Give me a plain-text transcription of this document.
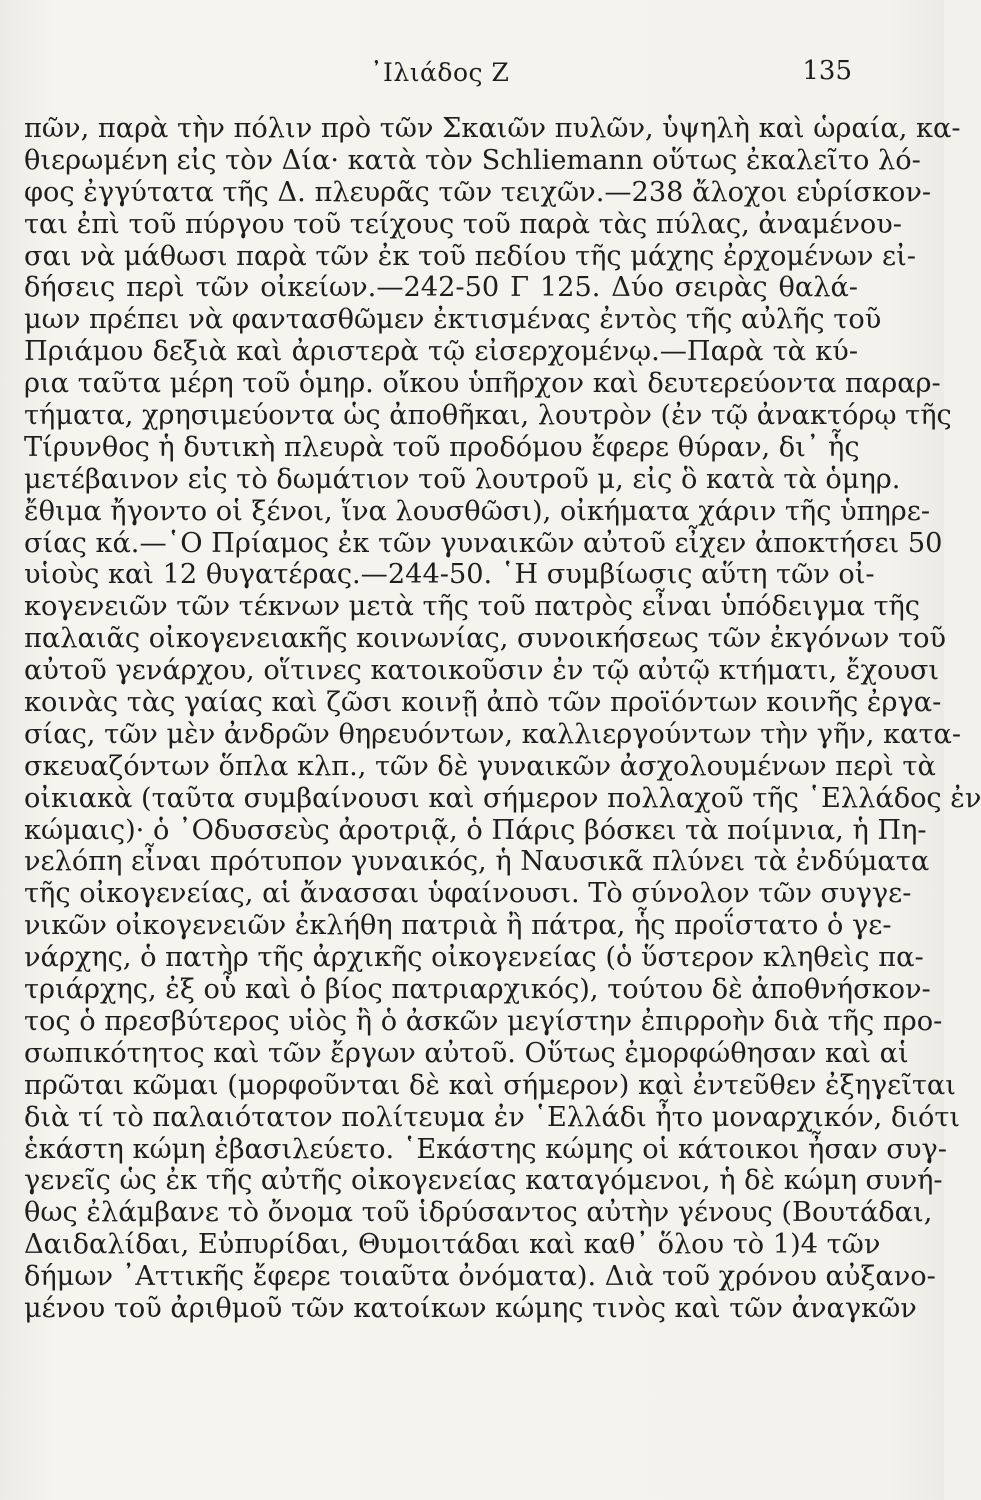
᾿Ιλιάδος Ζ	135
πῶν, παρὰ τὴν πόλιν πρὸ τῶν Σκαιῶν πυλῶν, ὑψηλὴ καὶ ὡραία, κα-
θιερωμένη εἰς τὸν Δία· κατὰ τὸν Schliemann οὕτως ἐκαλεῖτο λό-
φος ἐγγύτατα τῆς Δ. πλευρᾶς τῶν τειχῶν.—238 ἄλοχοι εὑρίσκον-
ται ἐπὶ τοῦ πύργου τοῦ τείχους τοῦ παρὰ τὰς πύλας, ἀναμένου-
σαι νὰ μάθωσι παρὰ τῶν ἐκ τοῦ πεδίου τῆς μάχης ἐρχομένων εἰ-
δήσεις περὶ τῶν οἰκείων.—242-50 Γ 125. Δύο σειρὰς θαλά-
μων πρέπει νὰ φαντασθῶμεν ἐκτισμένας ἐντὸς τῆς αὐλῆς τοῦ
Πριάμου δεξιὰ καὶ ἀριστερὰ τῷ εἰσερχομένῳ.—Παρὰ τὰ κύ-
ρια ταῦτα μέρη τοῦ ὁμηρ. οἴκου ὑπῆρχον καὶ δευτερεύοντα παραρ-
τήματα, χρησιμεύοντα ὡς ἀποθῆκαι, λουτρὸν (ἐν τῷ ἀνακτόρῳ τῆς
Τίρυνθος ἡ δυτικὴ πλευρὰ τοῦ προδόμου ἔφερε θύραν, δι᾿ ἧς
μετέβαινον εἰς τὸ δωμάτιον τοῦ λουτροῦ μ, εἰς ὃ κατὰ τὰ ὁμηρ.
ἔθιμα ἤγοντο οἱ ξένοι, ἵνα λουσθῶσι), οἰκήματα χάριν τῆς ὑπηρε-
σίας κά.—῾Ο Πρίαμος ἐκ τῶν γυναικῶν αὐτοῦ εἶχεν ἀποκτήσει 50
υἱοὺς καὶ 12 θυγατέρας.—244-50. ῾Η συμβίωσις αὕτη τῶν οἰ-
κογενειῶν τῶν τέκνων μετὰ τῆς τοῦ πατρὸς εἶναι ὑπόδειγμα τῆς
παλαιᾶς οἰκογενειακῆς κοινωνίας, συνοικήσεως τῶν ἐκγόνων τοῦ
αὐτοῦ γενάρχου, οἵτινες κατοικοῦσιν ἐν τῷ αὐτῷ κτήματι, ἔχουσι
κοινὰς τὰς γαίας καὶ ζῶσι κοινῇ ἀπὸ τῶν προϊόντων κοινῆς ἐργα-
σίας, τῶν μὲν ἀνδρῶν θηρευόντων, καλλιεργούντων τὴν γῆν, κατα-
σκευαζόντων ὅπλα κλπ., τῶν δὲ γυναικῶν ἀσχολουμένων περὶ τὰ
οἰκιακὰ (ταῦτα συμβαίνουσι καὶ σήμερον πολλαχοῦ τῆς ῾Ελλάδος ἐν
κώμαις)· ὁ ᾿Οδυσσεὺς ἀροτριᾷ, ὁ Πάρις βόσκει τὰ ποίμνια, ἡ Πη-
νελόπη εἶναι πρότυπον γυναικός, ἡ Ναυσικᾶ πλύνει τὰ ἐνδύματα
τῆς οἰκογενείας, αἱ ἄνασσαι ὑφαίνουσι. Τὸ σύνολον τῶν συγγε-
νικῶν οἰκογενειῶν ἐκλήθη πατριὰ ἢ πάτρα, ἧς προΐστατο ὁ γε-
νάρχης, ὁ πατὴρ τῆς ἀρχικῆς οἰκογενείας (ὁ ὕστερον κληθεὶς πα-
τριάρχης, ἐξ οὗ καὶ ὁ βίος πατριαρχικός), τούτου δὲ ἀποθνήσκον-
τος ὁ πρεσβύτερος υἱὸς ἢ ὁ ἀσκῶν μεγίστην ἐπιρροὴν διὰ τῆς προ-
σωπικότητος καὶ τῶν ἔργων αὐτοῦ. Οὕτως ἐμορφώθησαν καὶ αἱ
πρῶται κῶμαι (μορφοῦνται δὲ καὶ σήμερον) καὶ ἐντεῦθεν ἐξηγεῖται
διὰ τί τὸ παλαιότατον πολίτευμα ἐν ῾Ελλάδι ἦτο μοναρχικόν, διότι
ἑκάστη κώμη ἐβασιλεύετο. ῾Εκάστης κώμης οἱ κάτοικοι ἦσαν συγ-
γενεῖς ὡς ἐκ τῆς αὐτῆς οἰκογενείας καταγόμενοι, ἡ δὲ κώμη συνή-
θως ἐλάμβανε τὸ ὄνομα τοῦ ἱδρύσαντος αὐτὴν γένους (Βουτάδαι,
Δαιδαλίδαι, Εὐπυρίδαι, Θυμοιτάδαι καὶ καθ᾿ ὅλου τὸ 1)4 τῶν
δήμων ᾿Αττικῆς ἔφερε τοιαῦτα ὀνόματα). Διὰ τοῦ χρόνου αὐξανο-
μένου τοῦ ἀριθμοῦ τῶν κατοίκων κώμης τινὸς καὶ τῶν ἀναγκῶν
